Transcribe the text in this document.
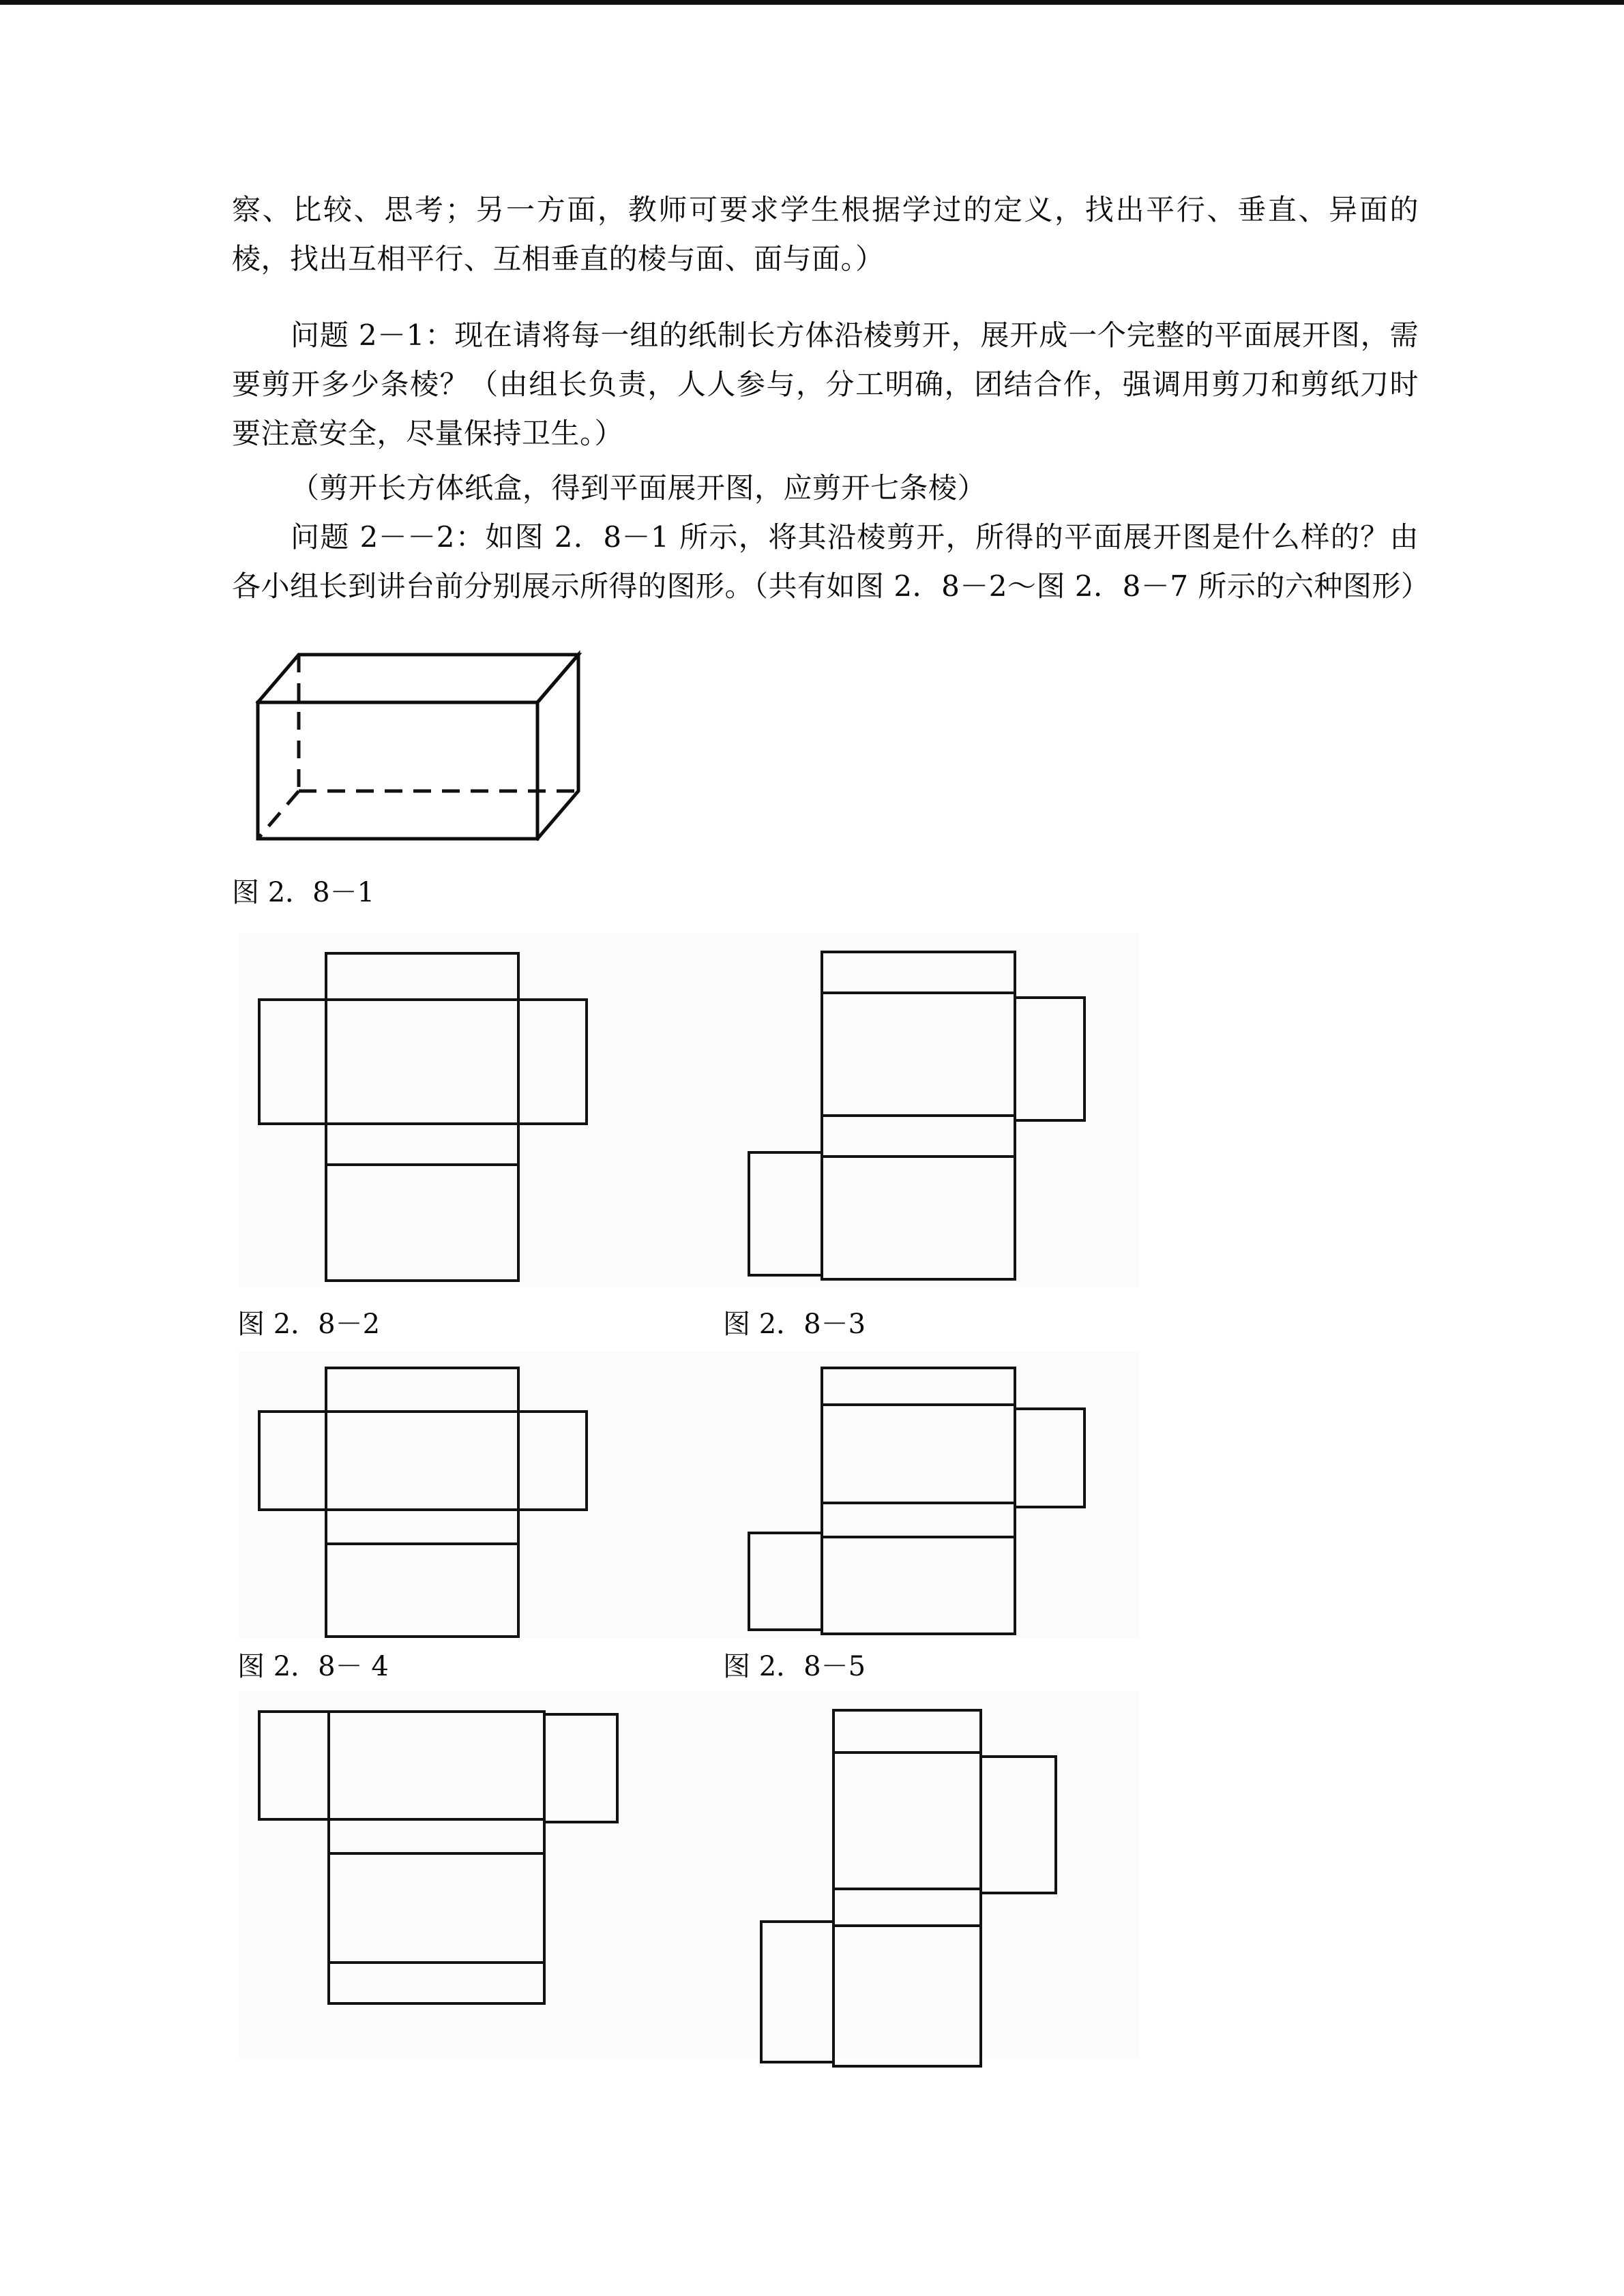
察、比较、思考；另一方面，教师可要求学生根据学过的定义，找出平行、垂直、异面的棱，找出互相平行、互相垂直的棱与面、面与面。）

问题 2－1：现在请将每一组的纸制长方体沿棱剪开，展开成一个完整的平面展开图，需要剪开多少条棱？（由组长负责，人人参与，分工明确，团结合作，强调用剪刀和剪纸刀时要注意安全，尽量保持卫生。）

（剪开长方体纸盒，得到平面展开图，应剪开七条棱）

问题 2－－2：如图 2．8－1 所示，将其沿棱剪开，所得的平面展开图是什么样的？由各小组长到讲台前分别展示所得的图形。（共有如图 2．8－2～图 2．8－7 所示的六种图形）

图 2．8－1
图 2．8－2	图 2．8－3
图 2．8－ 4	图 2．8－5
